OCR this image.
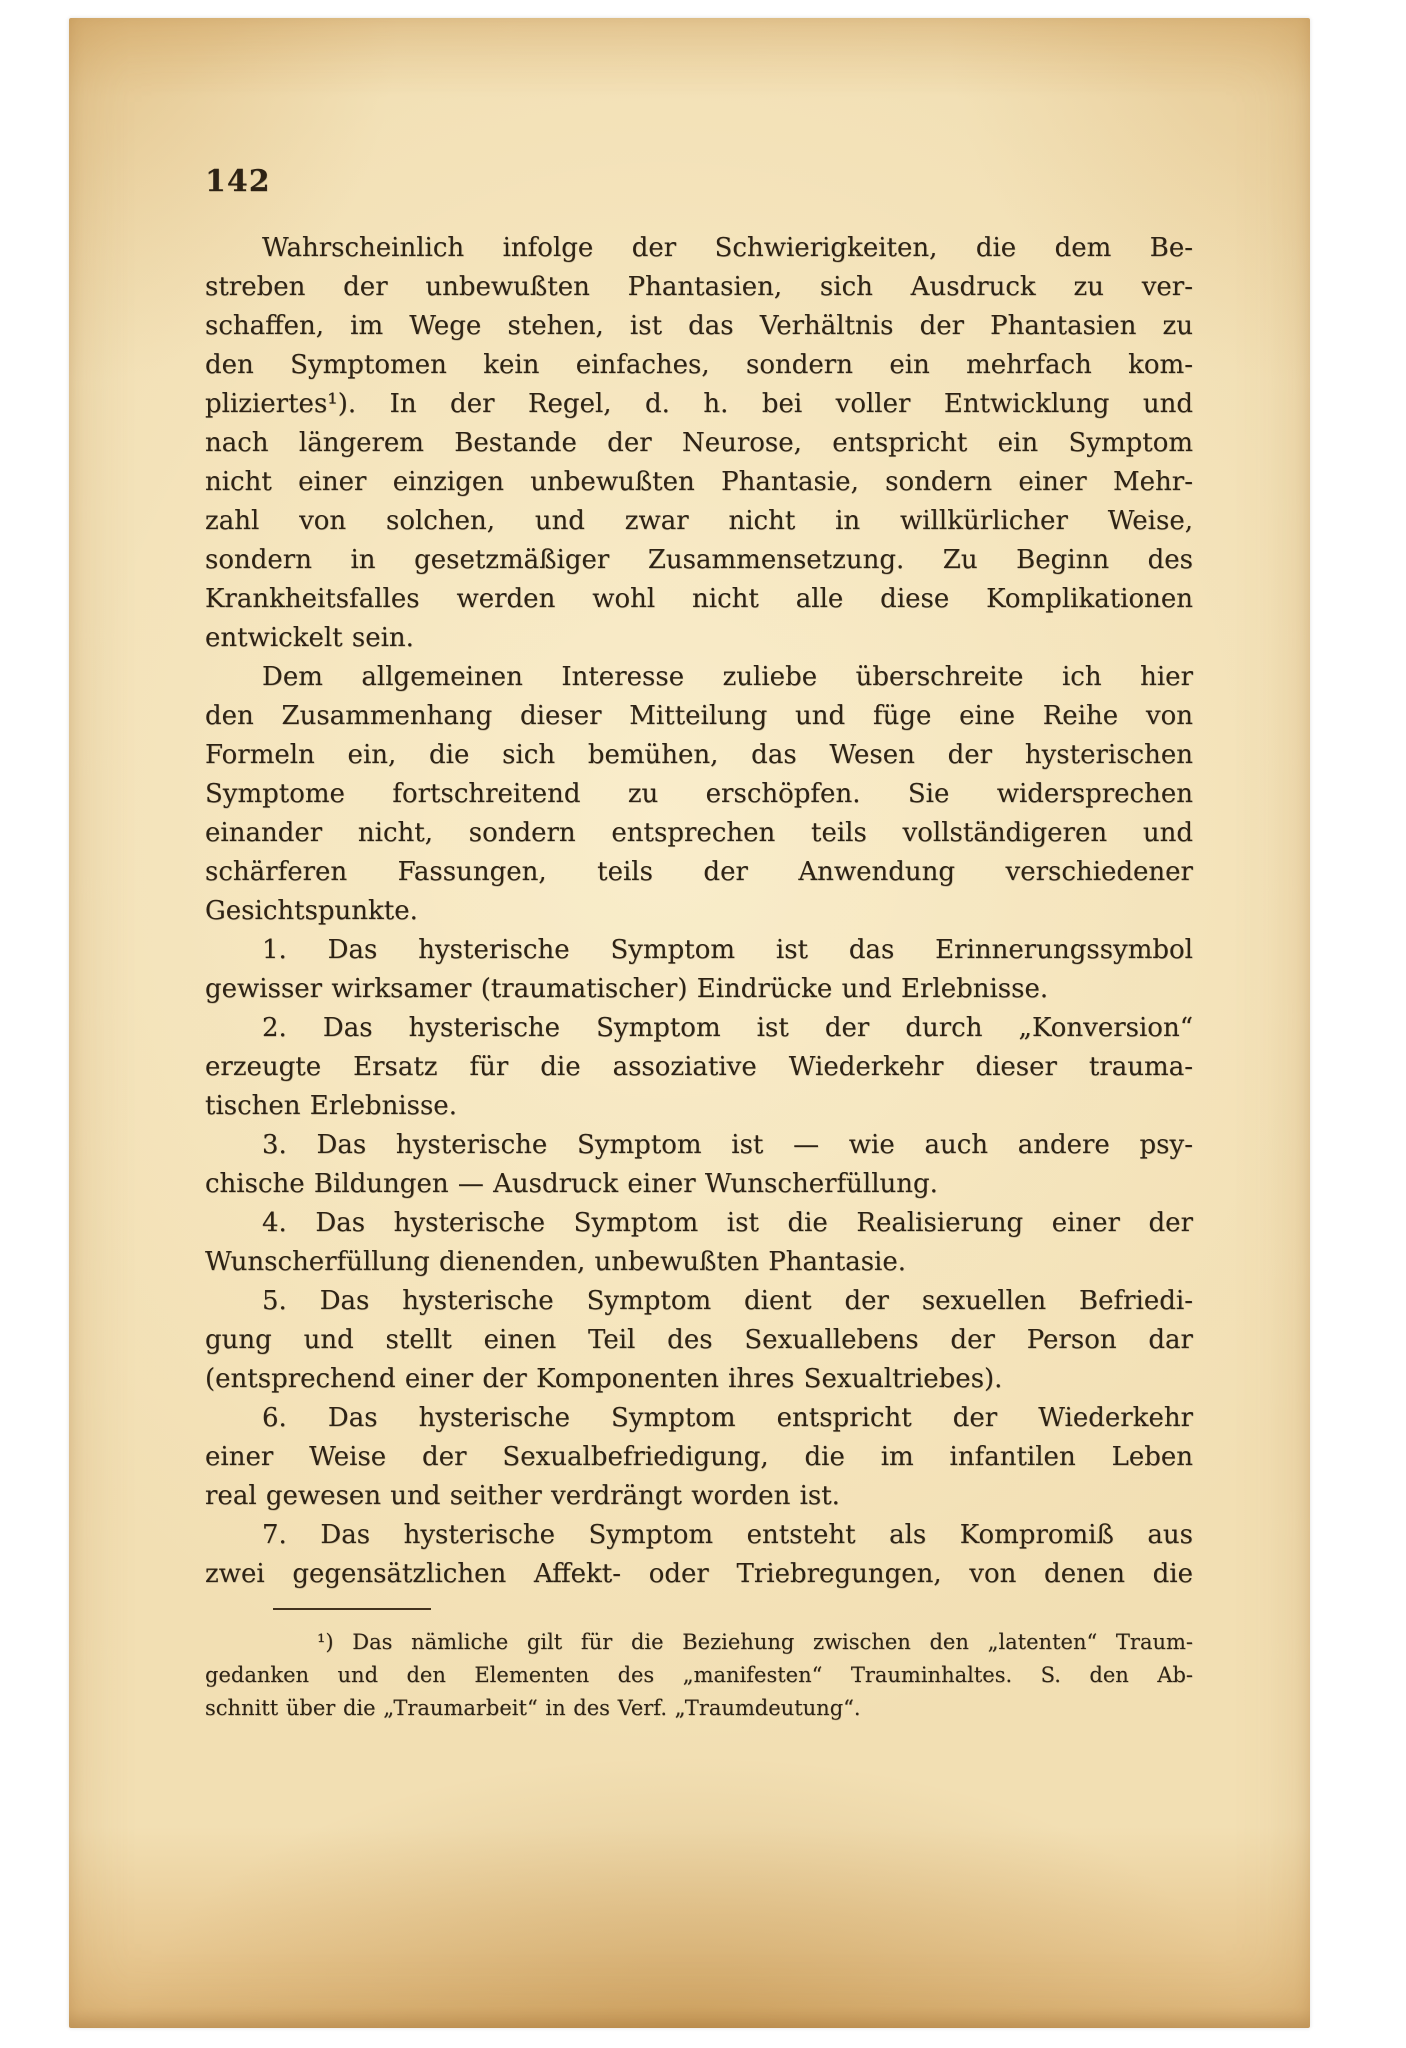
142
Wahrscheinlich infolge der Schwierigkeiten, die dem Be-
streben der unbewußten Phantasien, sich Ausdruck zu ver-
schaffen, im Wege stehen, ist das Verhältnis der Phantasien zu
den Symptomen kein einfaches, sondern ein mehrfach kom-
pliziertes¹). In der Regel, d. h. bei voller Entwicklung und
nach längerem Bestande der Neurose, entspricht ein Symptom
nicht einer einzigen unbewußten Phantasie, sondern einer Mehr-
zahl von solchen, und zwar nicht in willkürlicher Weise,
sondern in gesetzmäßiger Zusammensetzung. Zu Beginn des
Krankheitsfalles werden wohl nicht alle diese Komplikationen
entwickelt sein.
Dem allgemeinen Interesse zuliebe überschreite ich hier
den Zusammenhang dieser Mitteilung und füge eine Reihe von
Formeln ein, die sich bemühen, das Wesen der hysterischen
Symptome fortschreitend zu erschöpfen. Sie widersprechen
einander nicht, sondern entsprechen teils vollständigeren und
schärferen Fassungen, teils der Anwendung verschiedener
Gesichtspunkte.
1. Das hysterische Symptom ist das Erinnerungssymbol
gewisser wirksamer (traumatischer) Eindrücke und Erlebnisse.
2. Das hysterische Symptom ist der durch „Konversion“
erzeugte Ersatz für die assoziative Wiederkehr dieser trauma-
tischen Erlebnisse.
3. Das hysterische Symptom ist — wie auch andere psy-
chische Bildungen — Ausdruck einer Wunscherfüllung.
4. Das hysterische Symptom ist die Realisierung einer der
Wunscherfüllung dienenden, unbewußten Phantasie.
5. Das hysterische Symptom dient der sexuellen Befriedi-
gung und stellt einen Teil des Sexuallebens der Person dar
(entsprechend einer der Komponenten ihres Sexualtriebes).
6. Das hysterische Symptom entspricht der Wiederkehr
einer Weise der Sexualbefriedigung, die im infantilen Leben
real gewesen und seither verdrängt worden ist.
7. Das hysterische Symptom entsteht als Kompromiß aus
zwei gegensätzlichen Affekt- oder Triebregungen, von denen die
¹) Das nämliche gilt für die Beziehung zwischen den „latenten“ Traum-
gedanken und den Elementen des „manifesten“ Trauminhaltes. S. den Ab-
schnitt über die „Traumarbeit“ in des Verf. „Traumdeutung“.
